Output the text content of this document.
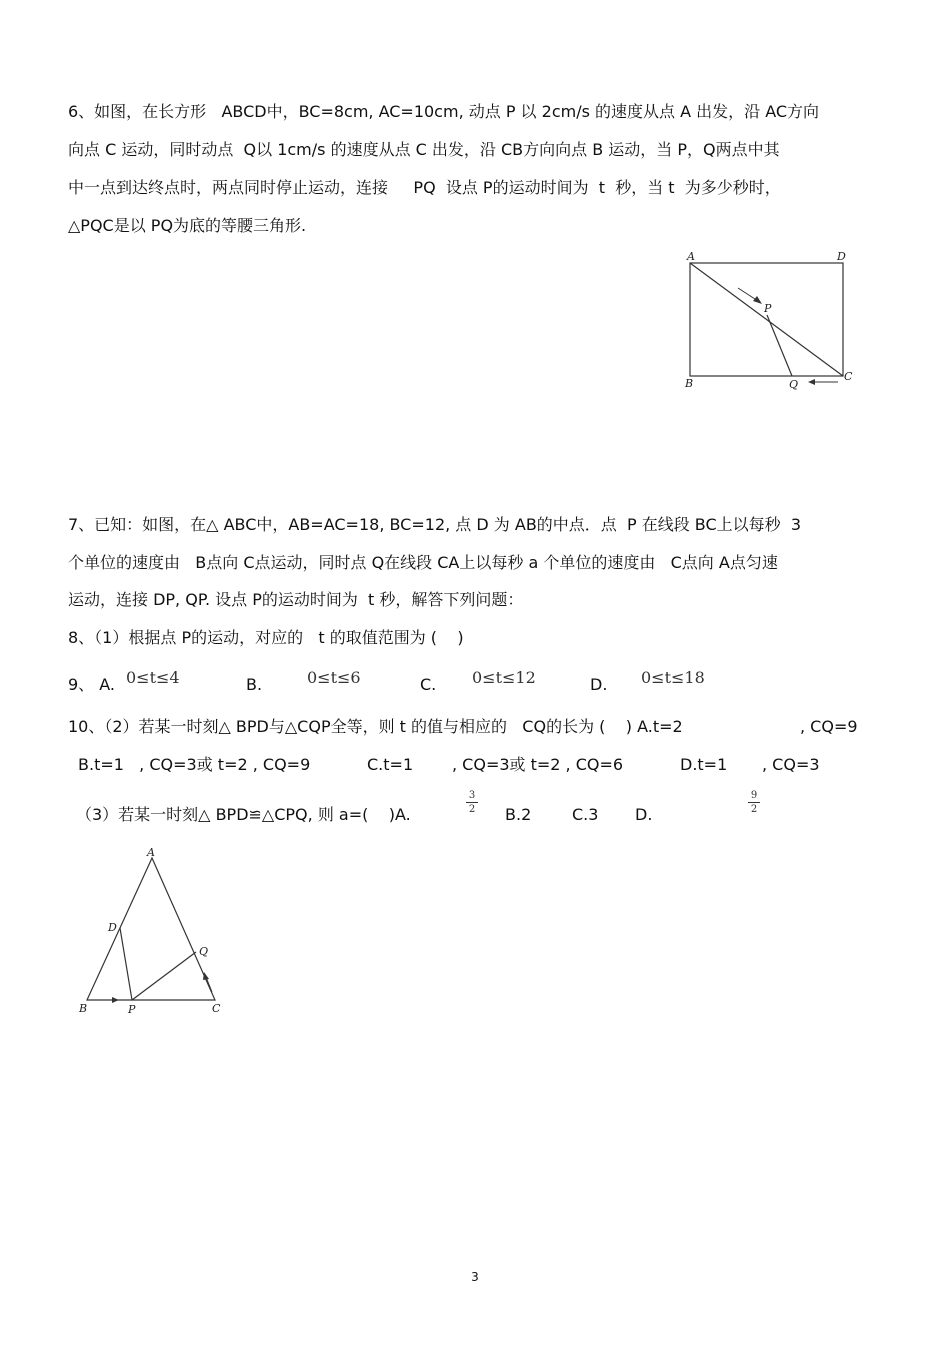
6、如图，在长方形   ABCD中，BC=8cm, AC=10cm, 动点 P 以 2cm/s 的速度从点 A 出发，沿 AC方向
向点 C 运动，同时动点  Q以 1cm/s 的速度从点 C 出发，沿 CB方向向点 B 运动，当 P，Q两点中其
中一点到达终点时，两点同时停止运动，连接     PQ  设点 P的运动时间为  t  秒，当 t  为多少秒时，
△PQC是以 PQ为底的等腰三角形.
A	D
B
C
P
Q
7、已知：如图，在△ ABC中，AB=AC=18, BC=12, 点 D 为 AB的中点．点  P 在线段 BC上以每秒  3
个单位的速度由   B点向 C点运动，同时点 Q在线段 CA上以每秒 a 个单位的速度由   C点向 A点匀速
运动，连接 DP, QP. 设点 P的运动时间为  t 秒，解答下列问题：
8、（1）根据点 P的运动，对应的   t 的取值范围为 (    )
9、 A. 0≤t≤4	B.	0≤t≤6	C. 0≤t≤12	D. 0≤t≤18
10、（2）若某一时刻△ BPD与△CQP全等，则 t 的值与相应的   CQ的长为 (    ) A.t=2	, CQ=9
B.t=1   , CQ=3或 t=2 , CQ=9	C.t=1 , CQ=3或 t=2 , CQ=6	D.t=1 , CQ=3
（3）若某一时刻△ BPD≌△CPQ, 则 a=(    )A.
3
2	B.2	C.3 D.
9
2
A
D
Q
B	P	C
3
